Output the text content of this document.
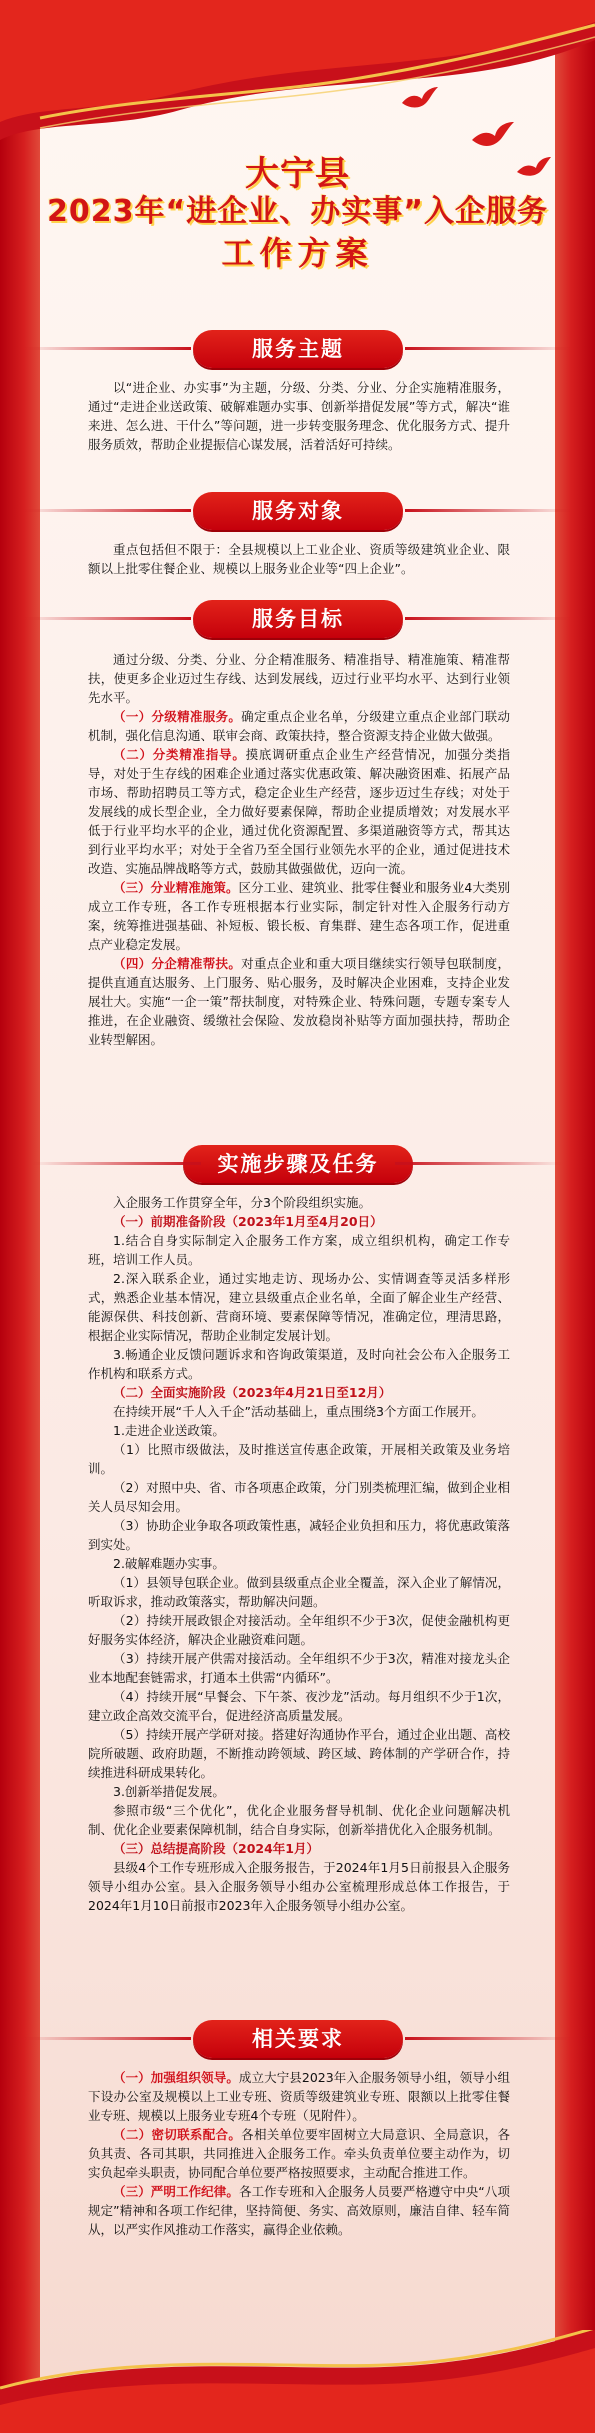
大宁县
2023年“进企业、办实事”入企服务
工作方案
服务主题

以“进企业、办实事”为主题，分级、分类、分业、分企实施精准服务，通过“走进企业送政策、破解难题办实事、创新举措促发展”等方式，解决“谁来进、怎么进、干什么”等问题，进一步转变服务理念、优化服务方式、提升服务质效，帮助企业提振信心谋发展，活着活好可持续。

服务对象

重点包括但不限于：全县规模以上工业企业、资质等级建筑业企业、限额以上批零住餐企业、规模以上服务业企业等“四上企业”。

服务目标

通过分级、分类、分业、分企精准服务、精准指导、精准施策、精准帮扶，使更多企业迈过生存线、达到发展线，迈过行业平均水平、达到行业领先水平。

（一）分级精准服务。确定重点企业名单，分级建立重点企业部门联动机制，强化信息沟通、联审会商、政策扶持，整合资源支持企业做大做强。

（二）分类精准指导。摸底调研重点企业生产经营情况，加强分类指导，对处于生存线的困难企业通过落实优惠政策、解决融资困难、拓展产品市场、帮助招聘员工等方式，稳定企业生产经营，逐步迈过生存线；对处于发展线的成长型企业，全力做好要素保障，帮助企业提质增效；对发展水平低于行业平均水平的企业，通过优化资源配置、多渠道融资等方式，帮其达到行业平均水平；对处于全省乃至全国行业领先水平的企业，通过促进技术改造、实施品牌战略等方式，鼓励其做强做优，迈向一流。

（三）分业精准施策。区分工业、建筑业、批零住餐业和服务业4大类别成立工作专班，各工作专班根据本行业实际，制定针对性入企服务行动方案，统筹推进强基础、补短板、锻长板、育集群、建生态各项工作，促进重点产业稳定发展。

（四）分企精准帮扶。对重点企业和重大项目继续实行领导包联制度，提供直通直达服务、上门服务、贴心服务，及时解决企业困难，支持企业发展壮大。实施“一企一策”帮扶制度，对特殊企业、特殊问题，专题专案专人推进，在企业融资、缓缴社会保险、发放稳岗补贴等方面加强扶持，帮助企业转型解困。

实施步骤及任务

入企服务工作贯穿全年，分3个阶段组织实施。

（一）前期准备阶段（2023年1月至4月20日）

1.结合自身实际制定入企服务工作方案，成立组织机构，确定工作专班，培训工作人员。

2.深入联系企业，通过实地走访、现场办公、实情调查等灵活多样形式，熟悉企业基本情况，建立县级重点企业名单，全面了解企业生产经营、能源保供、科技创新、营商环境、要素保障等情况，准确定位，理清思路，根据企业实际情况，帮助企业制定发展计划。

3.畅通企业反馈问题诉求和咨询政策渠道，及时向社会公布入企服务工作机构和联系方式。

（二）全面实施阶段（2023年4月21日至12月）

在持续开展“千人入千企”活动基础上，重点围绕3个方面工作展开。

1.走进企业送政策。

（1）比照市级做法，及时推送宣传惠企政策，开展相关政策及业务培训。

（2）对照中央、省、市各项惠企政策，分门别类梳理汇编，做到企业相关人员尽知会用。

（3）协助企业争取各项政策性惠，减轻企业负担和压力，将优惠政策落到实处。

2.破解难题办实事。

（1）县领导包联企业。做到县级重点企业全覆盖，深入企业了解情况，听取诉求，推动政策落实，帮助解决问题。

（2）持续开展政银企对接活动。全年组织不少于3次，促使金融机构更好服务实体经济，解决企业融资难问题。

（3）持续开展产供需对接活动。全年组织不少于3次，精准对接龙头企业本地配套链需求，打通本土供需“内循环”。

（4）持续开展“早餐会、下午茶、夜沙龙”活动。每月组织不少于1次，建立政企高效交流平台，促进经济高质量发展。

（5）持续开展产学研对接。搭建好沟通协作平台，通过企业出题、高校院所破题、政府助题，不断推动跨领域、跨区域、跨体制的产学研合作，持续推进科研成果转化。

3.创新举措促发展。

参照市级“三个优化”，优化企业服务督导机制、优化企业问题解决机制、优化企业要素保障机制，结合自身实际，创新举措优化入企服务机制。

（三）总结提高阶段（2024年1月）

县级4个工作专班形成入企服务报告，于2024年1月5日前报县入企服务领导小组办公室。县入企服务领导小组办公室梳理形成总体工作报告，于2024年1月10日前报市2023年入企服务领导小组办公室。

相关要求

（一）加强组织领导。成立大宁县2023年入企服务领导小组，领导小组下设办公室及规模以上工业专班、资质等级建筑业专班、限额以上批零住餐业专班、规模以上服务业专班4个专班（见附件）。

（二）密切联系配合。各相关单位要牢固树立大局意识、全局意识，各负其责、各司其职，共同推进入企服务工作。牵头负责单位要主动作为，切实负起牵头职责，协同配合单位要严格按照要求，主动配合推进工作。

（三）严明工作纪律。各工作专班和入企服务人员要严格遵守中央“八项规定”精神和各项工作纪律，坚持简便、务实、高效原则，廉洁自律、轻车简从，以严实作风推动工作落实，赢得企业依赖。
